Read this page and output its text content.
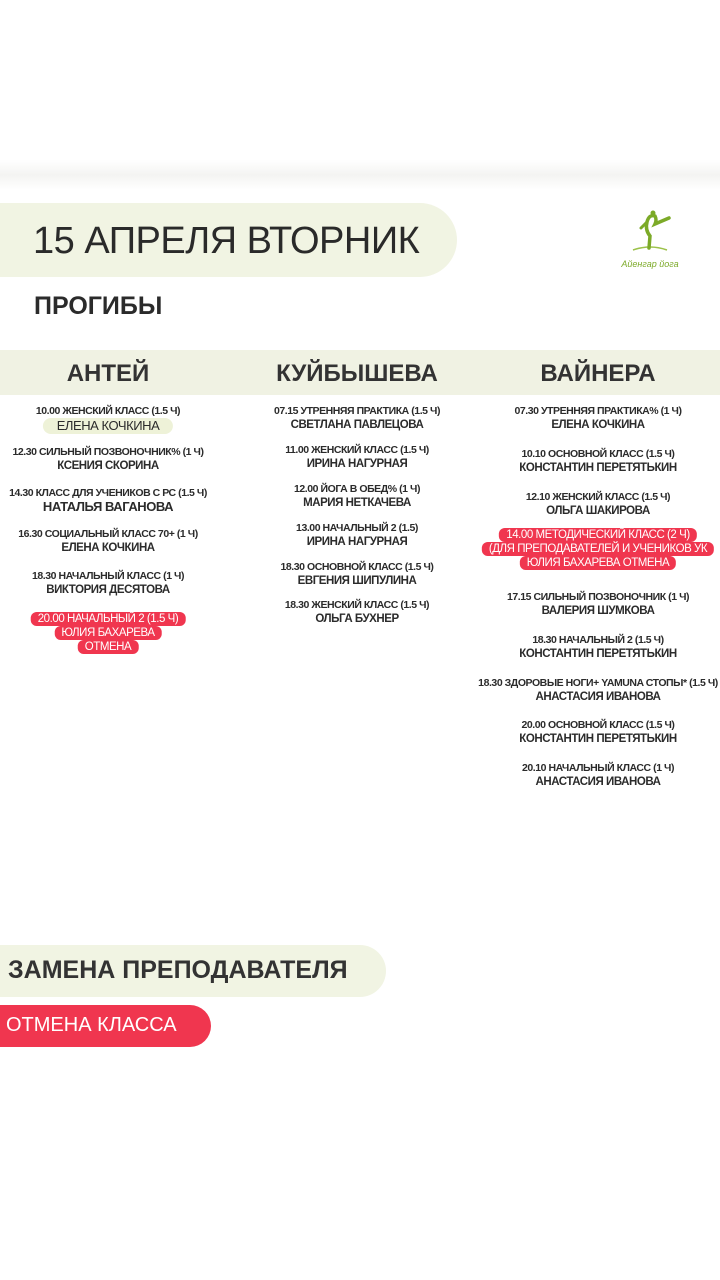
15 АПРЕЛЯ ВТОРНИК
ПРОГИБЫ
Айенгар йога
АНТЕЙ
10.00 ЖЕНСКИЙ КЛАСС (1.5 Ч)
ЕЛЕНА КОЧКИНА
12.30 СИЛЬНЫЙ ПОЗВОНОЧНИК% (1 Ч)
КСЕНИЯ СКОРИНА
14.30 КЛАСС ДЛЯ УЧЕНИКОВ С РС (1.5 Ч)
НАТАЛЬЯ ВАГАНОВА
16.30 СОЦИАЛЬНЫЙ КЛАСС 70+ (1 Ч)
ЕЛЕНА КОЧКИНА
18.30 НАЧАЛЬНЫЙ КЛАСС (1 Ч)
ВИКТОРИЯ ДЕСЯТОВА
20.00 НАЧАЛЬНЫЙ 2 (1.5 Ч)
ЮЛИЯ БАХАРЕВА
ОТМЕНА
КУЙБЫШЕВА
07.15 УТРЕННЯЯ ПРАКТИКА (1.5 Ч)
СВЕТЛАНА ПАВЛЕЦОВА
11.00 ЖЕНСКИЙ КЛАСС (1.5 Ч)
ИРИНА НАГУРНАЯ
12.00 ЙОГА В ОБЕД% (1 Ч)
МАРИЯ НЕТКАЧЕВА
13.00 НАЧАЛЬНЫЙ 2 (1.5)
ИРИНА НАГУРНАЯ
18.30 ОСНОВНОЙ КЛАСС (1.5 Ч)
ЕВГЕНИЯ ШИПУЛИНА
18.30 ЖЕНСКИЙ КЛАСС (1.5 Ч)
ОЛЬГА БУХНЕР
ВАЙНЕРА
07.30 УТРЕННЯЯ ПРАКТИКА% (1 Ч)
ЕЛЕНА КОЧКИНА
10.10 ОСНОВНОЙ КЛАСС (1.5 Ч)
КОНСТАНТИН ПЕРЕТЯТЬКИН
12.10 ЖЕНСКИЙ КЛАСС (1.5 Ч)
ОЛЬГА ШАКИРОВА
14.00 МЕТОДИЧЕСКИЙ КЛАСС (2 Ч)
(ДЛЯ ПРЕПОДАВАТЕЛЕЙ И УЧЕНИКОВ УК
ЮЛИЯ БАХАРЕВА ОТМЕНА
17.15 СИЛЬНЫЙ ПОЗВОНОЧНИК (1 Ч)
ВАЛЕРИЯ ШУМКОВА
18.30 НАЧАЛЬНЫЙ 2 (1.5 Ч)
КОНСТАНТИН ПЕРЕТЯТЬКИН
18.30 ЗДОРОВЫЕ НОГИ+ YAMUNA СТОПЫ* (1.5 Ч)
АНАСТАСИЯ ИВАНОВА
20.00 ОСНОВНОЙ КЛАСС (1.5 Ч)
КОНСТАНТИН ПЕРЕТЯТЬКИН
20.10 НАЧАЛЬНЫЙ КЛАСС (1 Ч)
АНАСТАСИЯ ИВАНОВА
ЗАМЕНА ПРЕПОДАВАТЕЛЯ
ОТМЕНА КЛАССА
